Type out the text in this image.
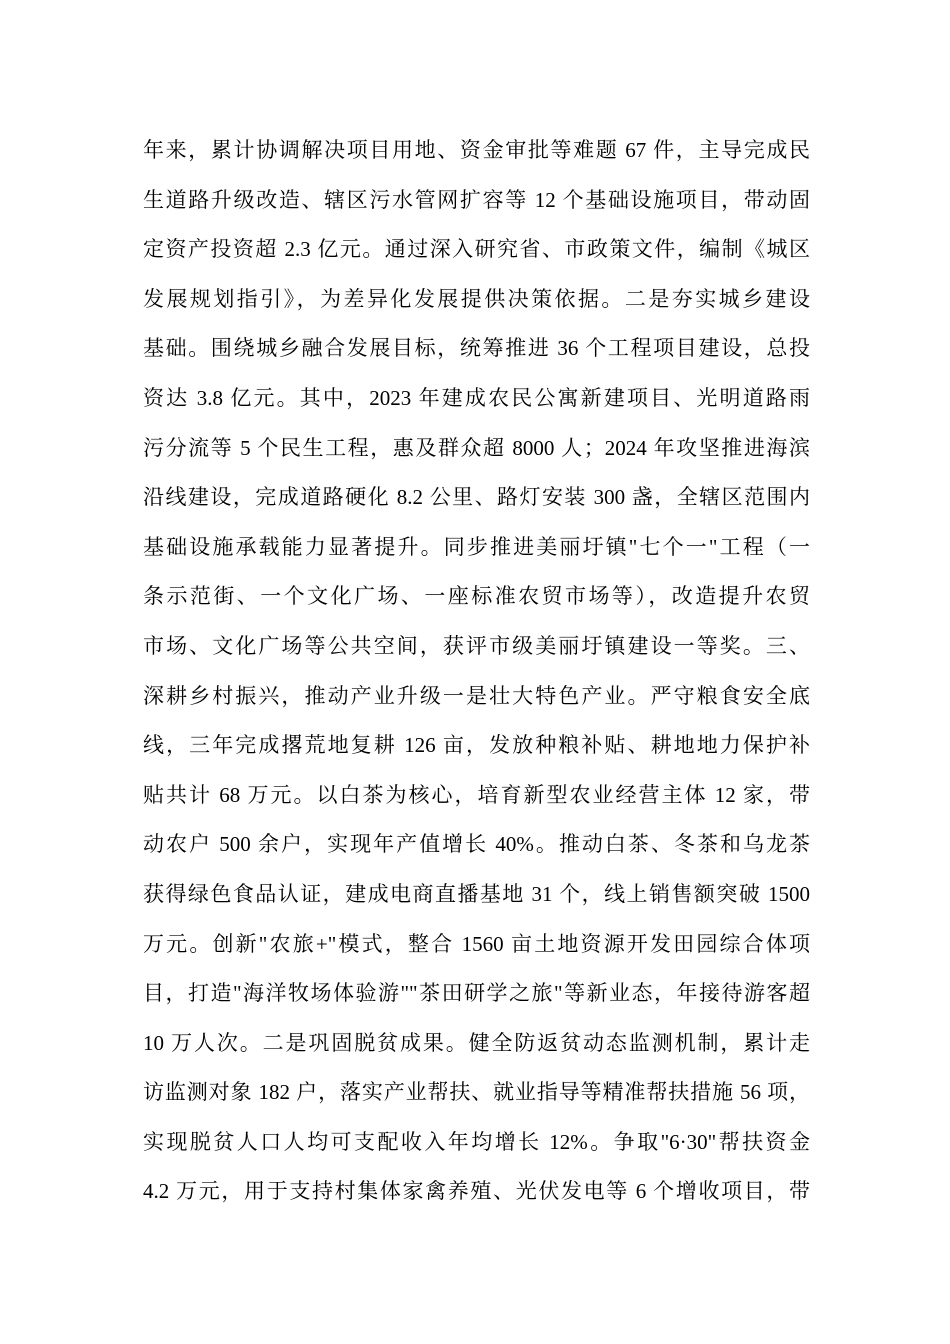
年来，累计协调解决项目用地、资金审批等难题 67 件，主导完成民
生道路升级改造、辖区污水管网扩容等 12 个基础设施项目，带动固
定资产投资超 2.3 亿元。通过深入研究省、市政策文件，编制《城区
发展规划指引》，为差异化发展提供决策依据。二是夯实城乡建设
基础。围绕城乡融合发展目标，统筹推进 36 个工程项目建设，总投
资达 3.8 亿元。其中，2023 年建成农民公寓新建项目、光明道路雨
污分流等 5 个民生工程，惠及群众超 8000 人；2024 年攻坚推进海滨
沿线建设，完成道路硬化 8.2 公里、路灯安装 300 盏，全辖区范围内
基础设施承载能力显著提升。同步推进美丽圩镇"七个一"工程（一
条示范街、一个文化广场、一座标准农贸市场等），改造提升农贸
市场、文化广场等公共空间，获评市级美丽圩镇建设一等奖。三、
深耕乡村振兴，推动产业升级一是壮大特色产业。严守粮食安全底
线，三年完成撂荒地复耕 126 亩，发放种粮补贴、耕地地力保护补
贴共计 68 万元。以白茶为核心，培育新型农业经营主体 12 家，带
动农户 500 余户，实现年产值增长 40%。推动白茶、冬茶和乌龙茶
获得绿色食品认证，建成电商直播基地 31 个，线上销售额突破 1500
万元。创新"农旅+"模式，整合 1560 亩土地资源开发田园综合体项
目，打造"海洋牧场体验游""茶田研学之旅"等新业态，年接待游客超
10 万人次。二是巩固脱贫成果。健全防返贫动态监测机制，累计走
访监测对象 182 户，落实产业帮扶、就业指导等精准帮扶措施 56 项，
实现脱贫人口人均可支配收入年均增长 12%。争取"6·30"帮扶资金
4.2 万元，用于支持村集体家禽养殖、光伏发电等 6 个增收项目，带
